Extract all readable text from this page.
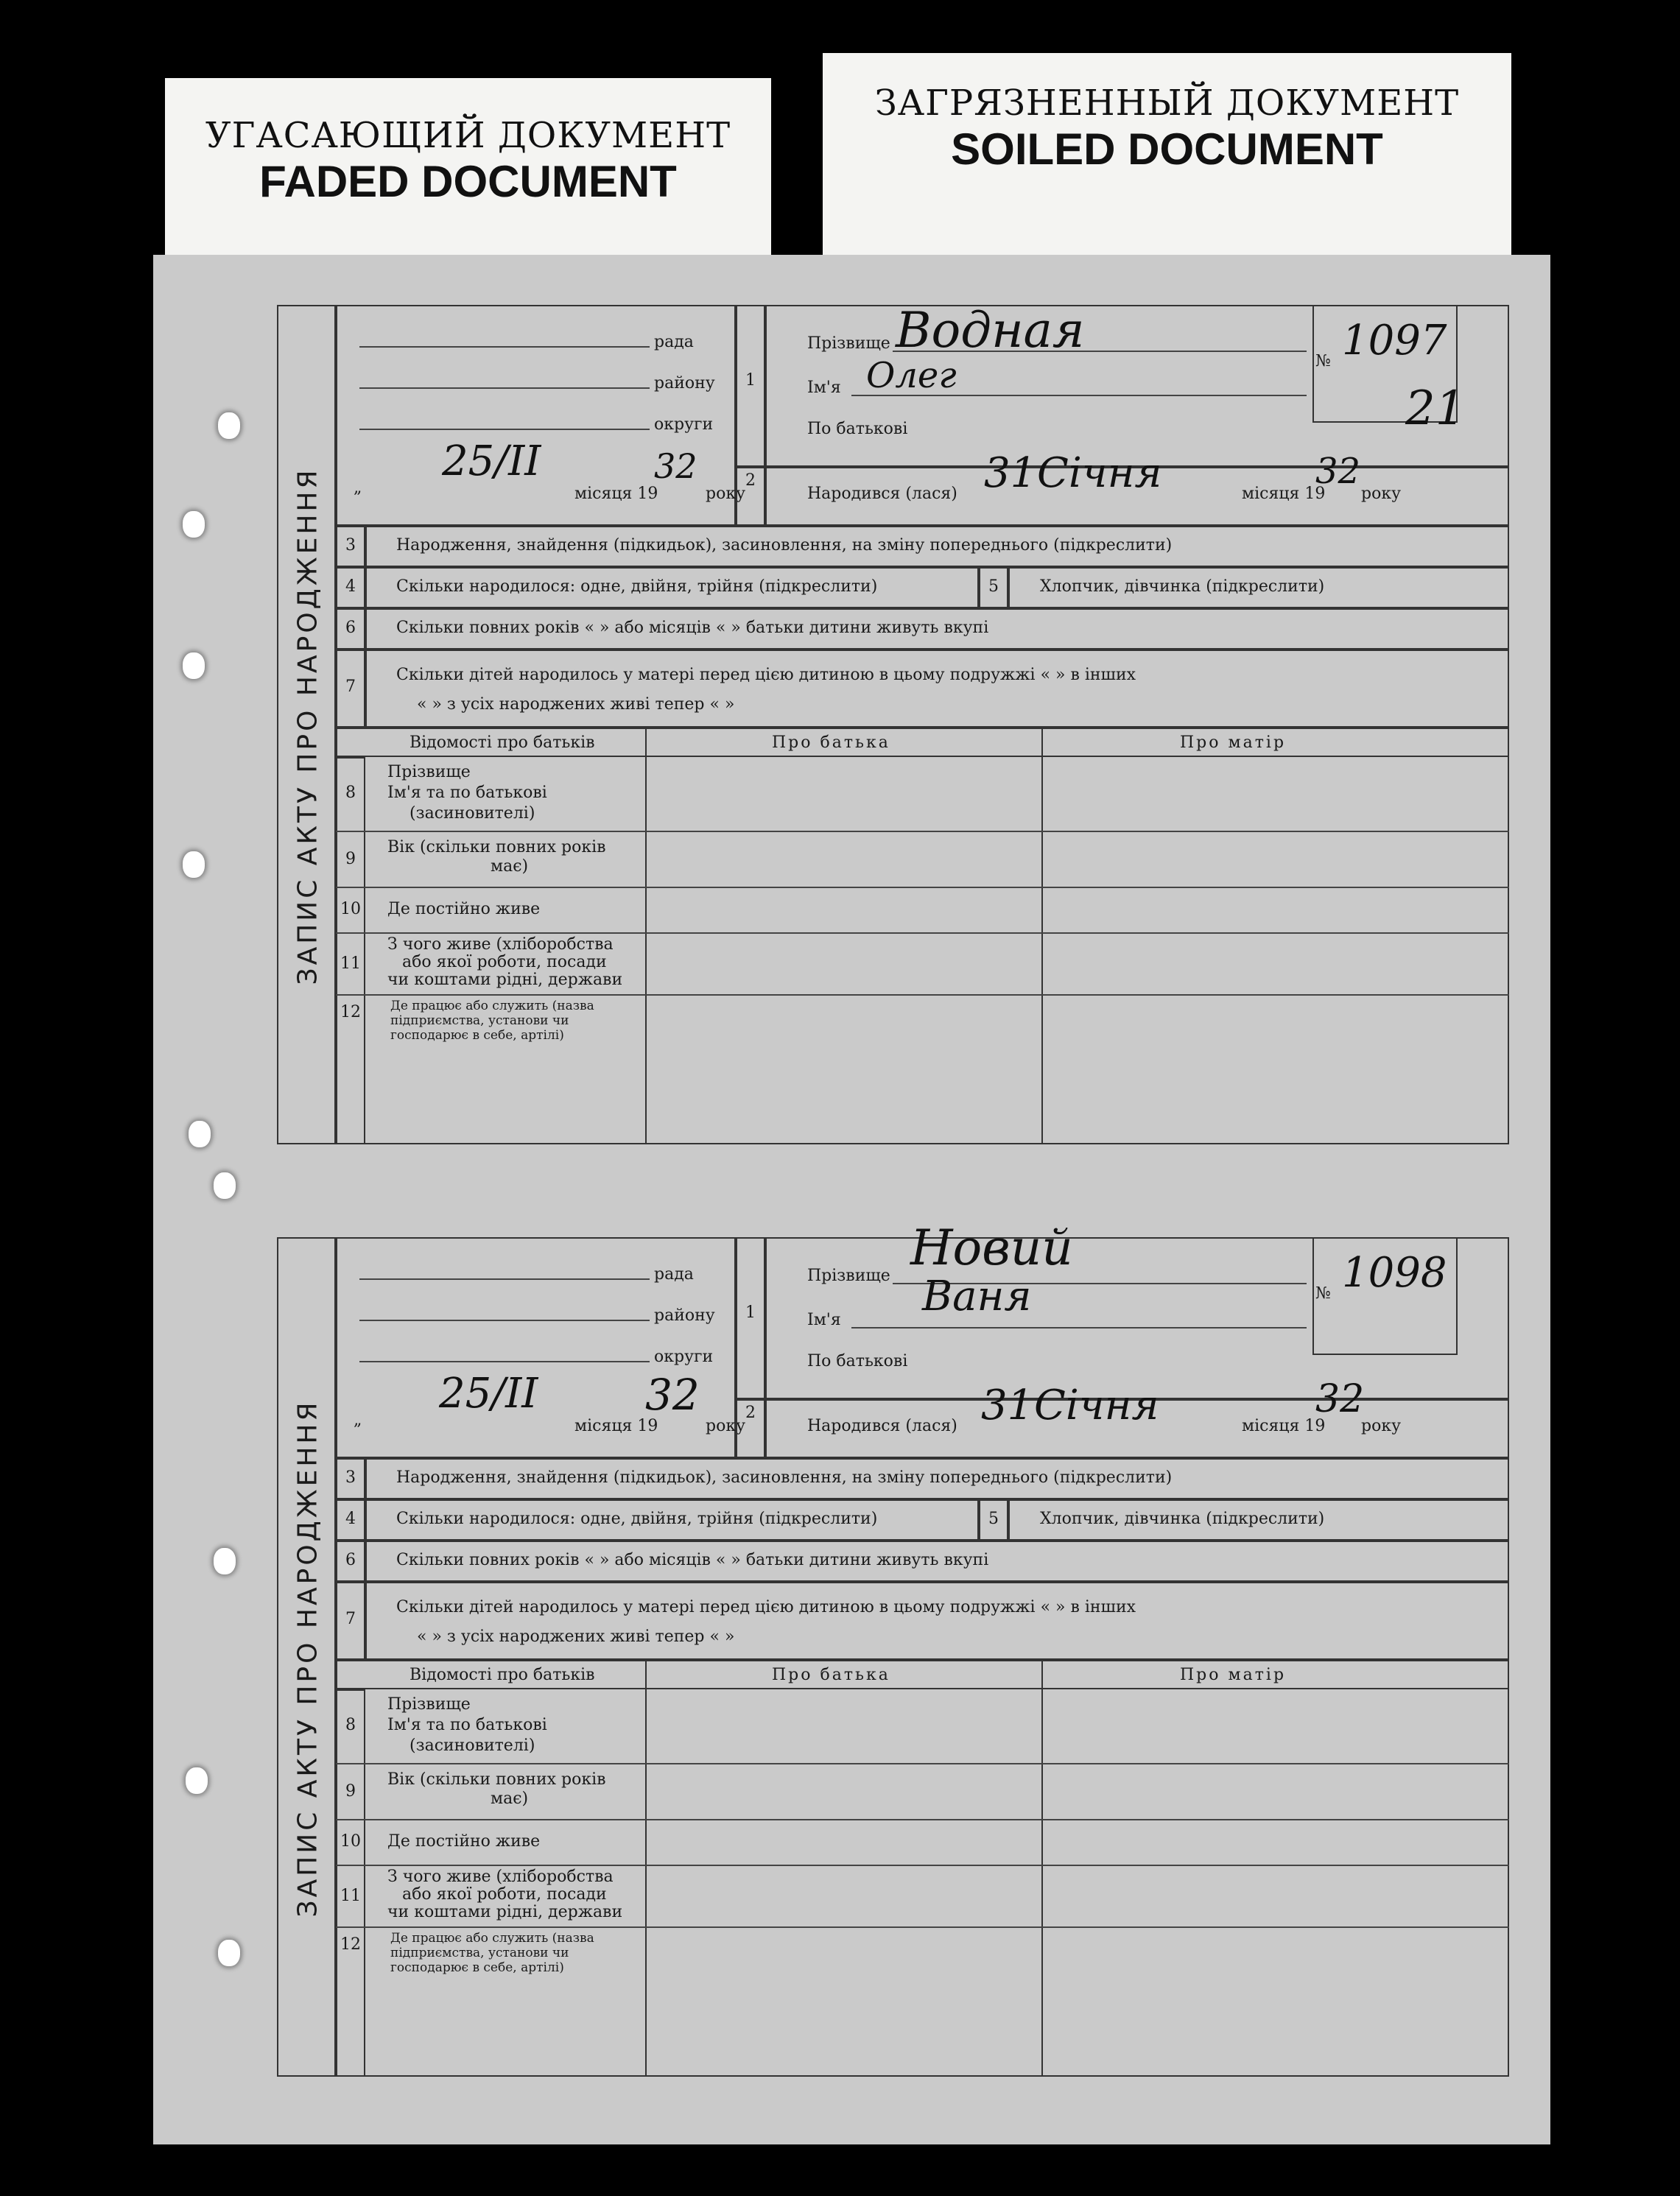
УГАСАЮЩИЙ ДОКУМЕНТ
FADED DOCUMENT
ЗАГРЯЗНЕННЫЙ ДОКУМЕНТ
SOILED DOCUMENT
ЗАПИС АКТУ ПРО НАРОДЖЕННЯ
рада
району
округи
„
25/II
місяця 19
32
року
1
2
Прізвище Водная
Ім'я Олег
По батькові
№ 1097
21
Народився (лася) 31 Січня	місяця 19
32
року
3	Народження, знайдення (підкидьок), засиновлення, на зміну попереднього (підкреслити)
4	Скільки народилося: одне, двійня, трійня (підкреслити)	5	Хлопчик, дівчинка (підкреслити)
6	Скільки повних років « » або місяців « » батьки дитини живуть вкупі
7
Скільки дітей народилось у матері перед цією дитиною в цьому подружжі « » в інших
« » з усіх народжених живі тепер « »
Відомості про батьків	Про батька	Про матір
8
Прізвище
Ім'я та по батькові
(засиновителі)
9
Вік (скільки повних років
має)
10 Де постійно живе
11
З чого живе (хліборобства
або якої роботи, посади
чи коштами рідні, держави
12	Де працює або служить (назва
підприємства, установи чи
господарює в себе, артілі)
ЗАПИС АКТУ ПРО НАРОДЖЕННЯ
рада
району
округи
„
25/II
місяця 19
32
року
1
2
Прізвище Новий
Ім'я Ваня
По батькові
№ 1098
Народився (лася) 31 Січня	місяця 19
32
року
3	Народження, знайдення (підкидьок), засиновлення, на зміну попереднього (підкреслити)
4	Скільки народилося: одне, двійня, трійня (підкреслити)	5	Хлопчик, дівчинка (підкреслити)
6	Скільки повних років « » або місяців « » батьки дитини живуть вкупі
7
Скільки дітей народилось у матері перед цією дитиною в цьому подружжі « » в інших
« » з усіх народжених живі тепер « »
Відомості про батьків	Про батька	Про матір
8
Прізвище
Ім'я та по батькові
(засиновителі)
9
Вік (скільки повних років
має)
10 Де постійно живе
11
З чого живе (хліборобства
або якої роботи, посади
чи коштами рідні, держави
12	Де працює або служить (назва
підприємства, установи чи
господарює в себе, артілі)
